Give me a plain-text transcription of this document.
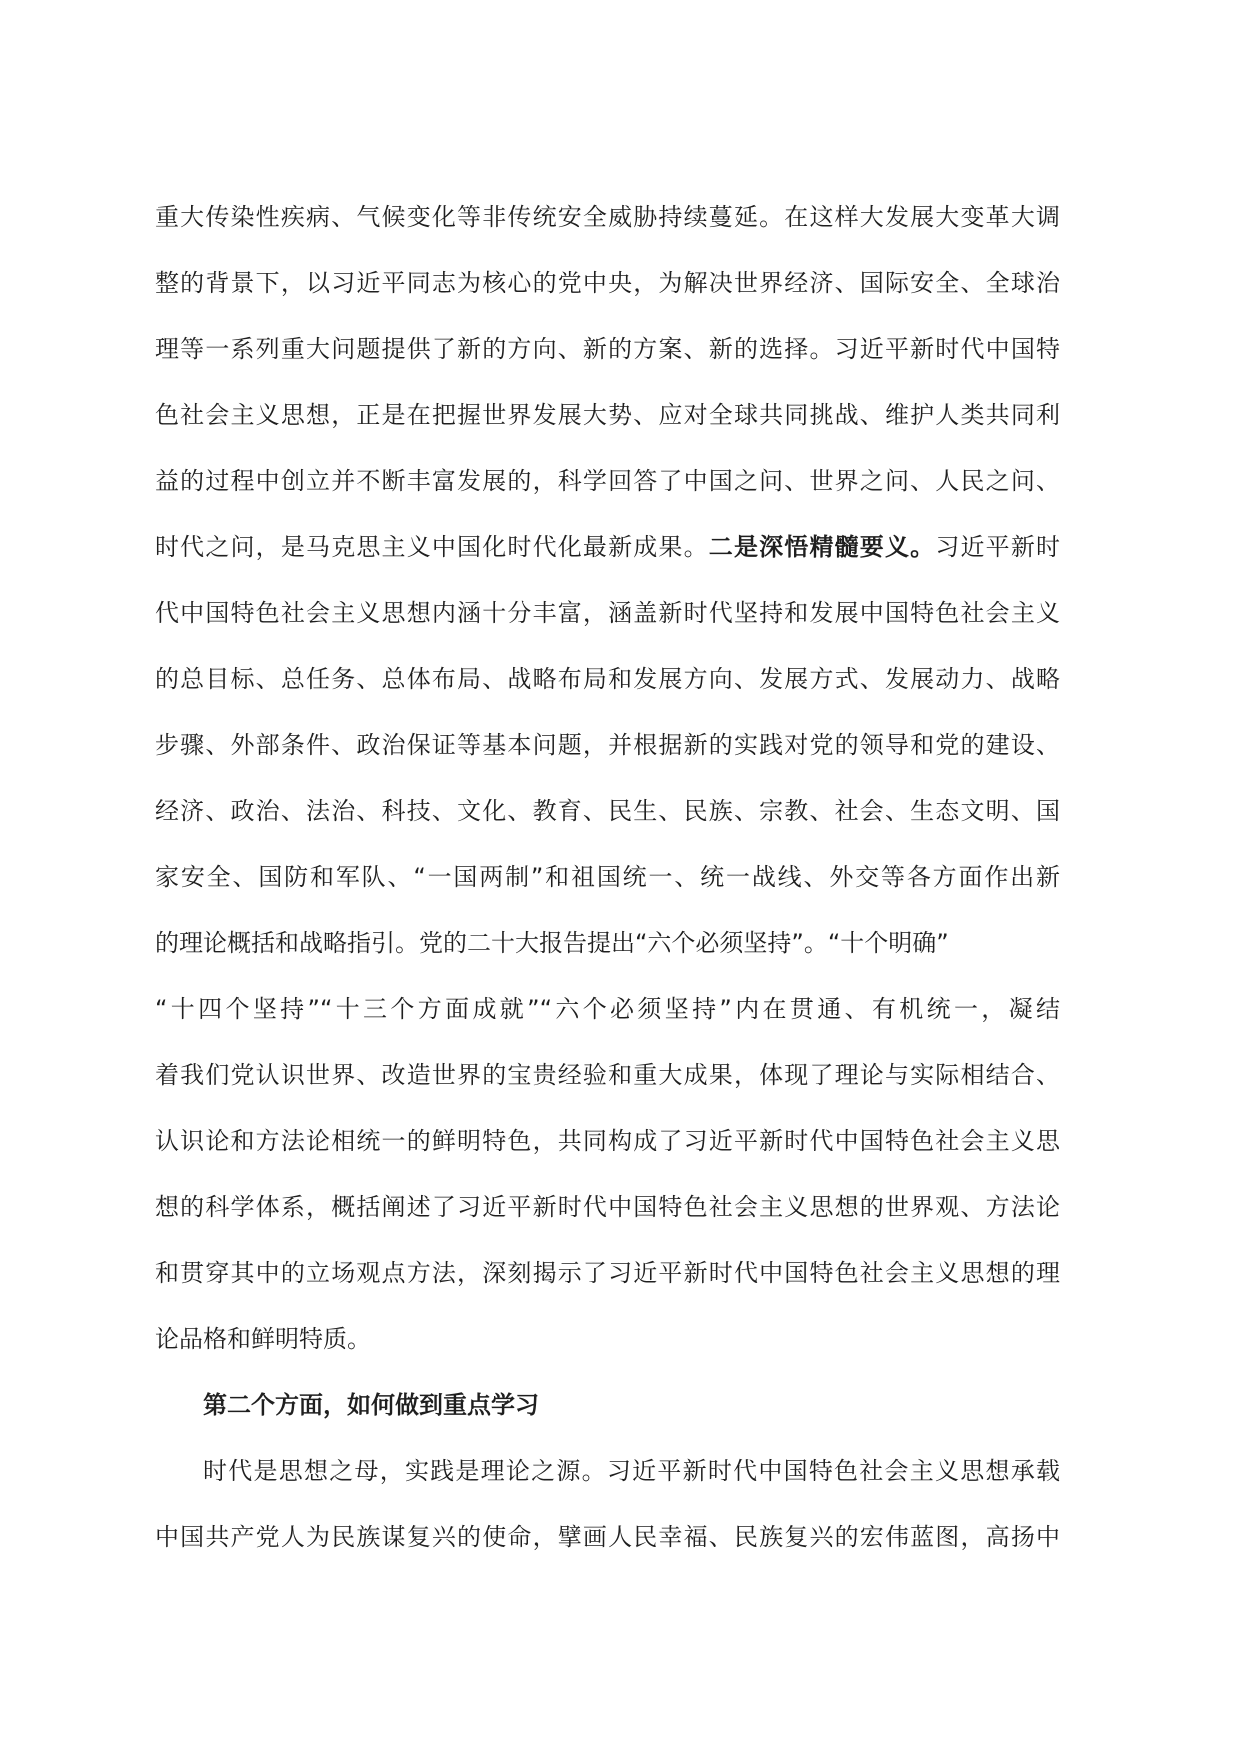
重大传染性疾病、气候变化等非传统安全威胁持续蔓延。在这样大发展大变革大调
整的背景下，以习近平同志为核心的党中央，为解决世界经济、国际安全、全球治
理等一系列重大问题提供了新的方向、新的方案、新的选择。习近平新时代中国特
色社会主义思想，正是在把握世界发展大势、应对全球共同挑战、维护人类共同利
益的过程中创立并不断丰富发展的，科学回答了中国之问、世界之问、人民之问、
时代之问，是马克思主义中国化时代化最新成果。二是深悟精髓要义。习近平新时
代中国特色社会主义思想内涵十分丰富，涵盖新时代坚持和发展中国特色社会主义
的总目标、总任务、总体布局、战略布局和发展方向、发展方式、发展动力、战略
步骤、外部条件、政治保证等基本问题，并根据新的实践对党的领导和党的建设、
经济、政治、法治、科技、文化、教育、民生、民族、宗教、社会、生态文明、国
家安全、国防和军队、“一国两制”和祖国统一、统一战线、外交等各方面作出新
的理论概括和战略指引。党的二十大报告提出“六个必须坚持”。“十个明确”
“十四个坚持”“十三个方面成就”“六个必须坚持”内在贯通、有机统一，凝结
着我们党认识世界、改造世界的宝贵经验和重大成果，体现了理论与实际相结合、
认识论和方法论相统一的鲜明特色，共同构成了习近平新时代中国特色社会主义思
想的科学体系，概括阐述了习近平新时代中国特色社会主义思想的世界观、方法论
和贯穿其中的立场观点方法，深刻揭示了习近平新时代中国特色社会主义思想的理
论品格和鲜明特质。
第二个方面，如何做到重点学习
时代是思想之母，实践是理论之源。习近平新时代中国特色社会主义思想承载
中国共产党人为民族谋复兴的使命，擘画人民幸福、民族复兴的宏伟蓝图，高扬中
